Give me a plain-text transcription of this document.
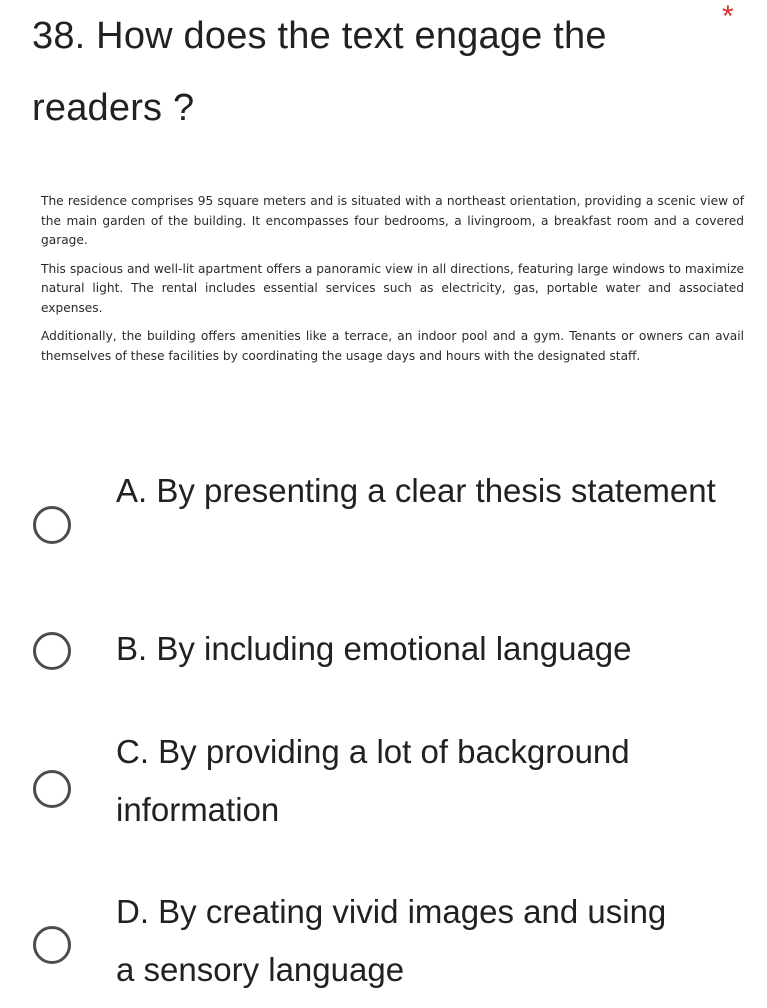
38. How does the text engage the readers ?
*

The residence comprises 95 square meters and is situated with a northeast orientation, providing a scenic view of the main garden of the building. It encompasses four bedrooms, a livingroom, a breakfast room and a covered garage.

This spacious and well-lit apartment offers a panoramic view in all directions, featuring large windows to maximize natural light. The rental includes essential services such as electricity, gas, portable water and associated expenses.

Additionally, the building offers amenities like a terrace, an indoor pool and a gym. Tenants or owners can avail themselves of these facilities by coordinating the usage days and hours with the designated staff.

A. By presenting a clear thesis statement
B. By including emotional language
C. By providing a lot of background information
D. By creating vivid images and using a sensory language
